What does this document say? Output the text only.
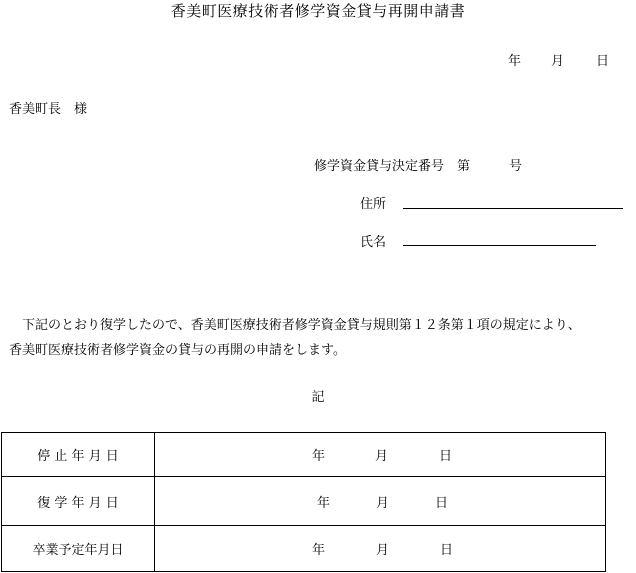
香美町医療技術者修学資金貸与再開申請書
年 月 日
香美町長　様
修学資金貸与決定番号　第　　　号
住所
氏名

　下記のとおり復学したので、香美町医療技術者修学資金貸与規則第１２条第１項の規定により、

香美町医療技術者修学資金の貸与の再開の申請をします。

記
停 止 年 月 日	年	月	日
復 学 年 月 日	年	月	日
卒業予定年月日	年	月	日
